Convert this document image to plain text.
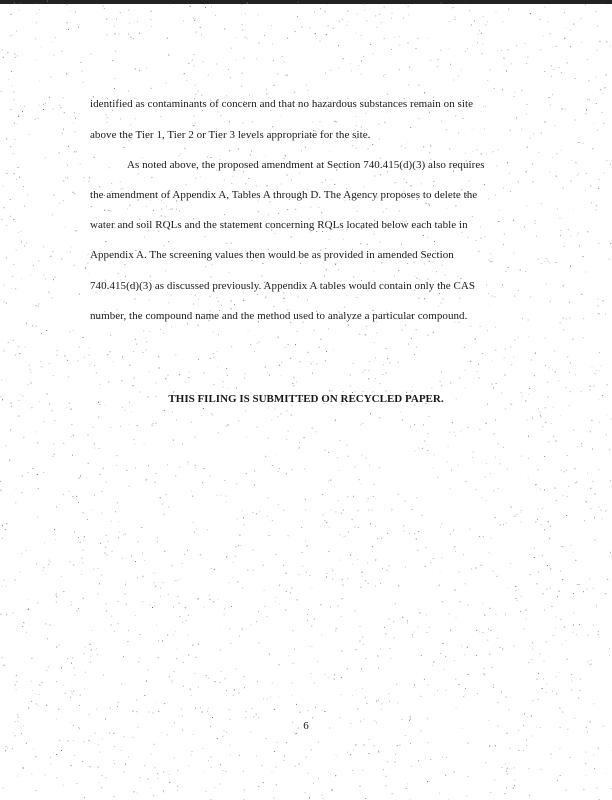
identified as contaminants of concern and that no hazardous substances remain on site
above the Tier 1, Tier 2 or Tier 3 levels appropriate for the site.
As noted above, the proposed amendment at Section 740.415(d)(3) also requires
the amendment of Appendix A, Tables A through D. The Agency proposes to delete the
water and soil RQLs and the statement concerning RQLs located below each table in
Appendix A. The screening values then would be as provided in amended Section
740.415(d)(3) as discussed previously. Appendix A tables would contain only the CAS
number, the compound name and the method used to analyze a particular compound.
THIS FILING IS SUBMITTED ON RECYCLED PAPER.
6
